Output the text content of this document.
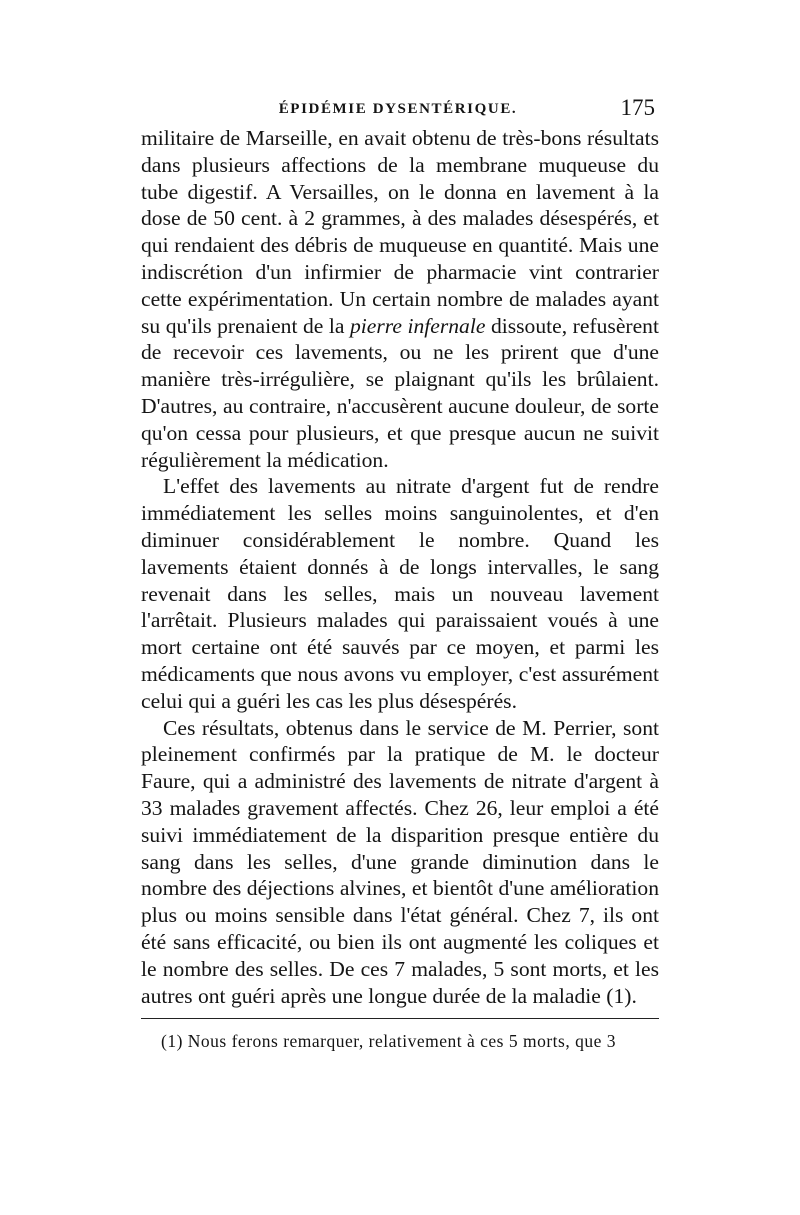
ÉPIDÉMIE DYSENTÉRIQUE.	175

militaire de Marseille, en avait obtenu de très-bons résultats dans plusieurs affections de la membrane muqueuse du tube digestif. A Versailles, on le donna en lavement à la dose de 50 cent. à 2 grammes, à des malades désespérés, et qui rendaient des débris de muqueuse en quantité. Mais une indiscrétion d'un infirmier de pharmacie vint contrarier cette expérimentation. Un certain nombre de malades ayant su qu'ils prenaient de la pierre infernale dissoute, refusèrent de recevoir ces lavements, ou ne les prirent que d'une manière très-irrégulière, se plaignant qu'ils les brûlaient. D'autres, au contraire, n'accusèrent aucune douleur, de sorte qu'on cessa pour plusieurs, et que presque aucun ne suivit régulièrement la médication.

L'effet des lavements au nitrate d'argent fut de rendre immédiatement les selles moins sanguinolentes, et d'en diminuer considérablement le nombre. Quand les lavements étaient donnés à de longs intervalles, le sang revenait dans les selles, mais un nouveau lavement l'arrêtait. Plusieurs malades qui paraissaient voués à une mort certaine ont été sauvés par ce moyen, et parmi les médicaments que nous avons vu employer, c'est assurément celui qui a guéri les cas les plus désespérés.

Ces résultats, obtenus dans le service de M. Perrier, sont pleinement confirmés par la pratique de M. le docteur Faure, qui a administré des lavements de nitrate d'argent à 33 malades gravement affectés. Chez 26, leur emploi a été suivi immédiatement de la disparition presque entière du sang dans les selles, d'une grande diminution dans le nombre des déjections alvines, et bientôt d'une amélioration plus ou moins sensible dans l'état général. Chez 7, ils ont été sans efficacité, ou bien ils ont augmenté les coliques et le nombre des selles. De ces 7 malades, 5 sont morts, et les autres ont guéri après une longue durée de la maladie (1).

(1) Nous ferons remarquer, relativement à ces 5 morts, que 3
